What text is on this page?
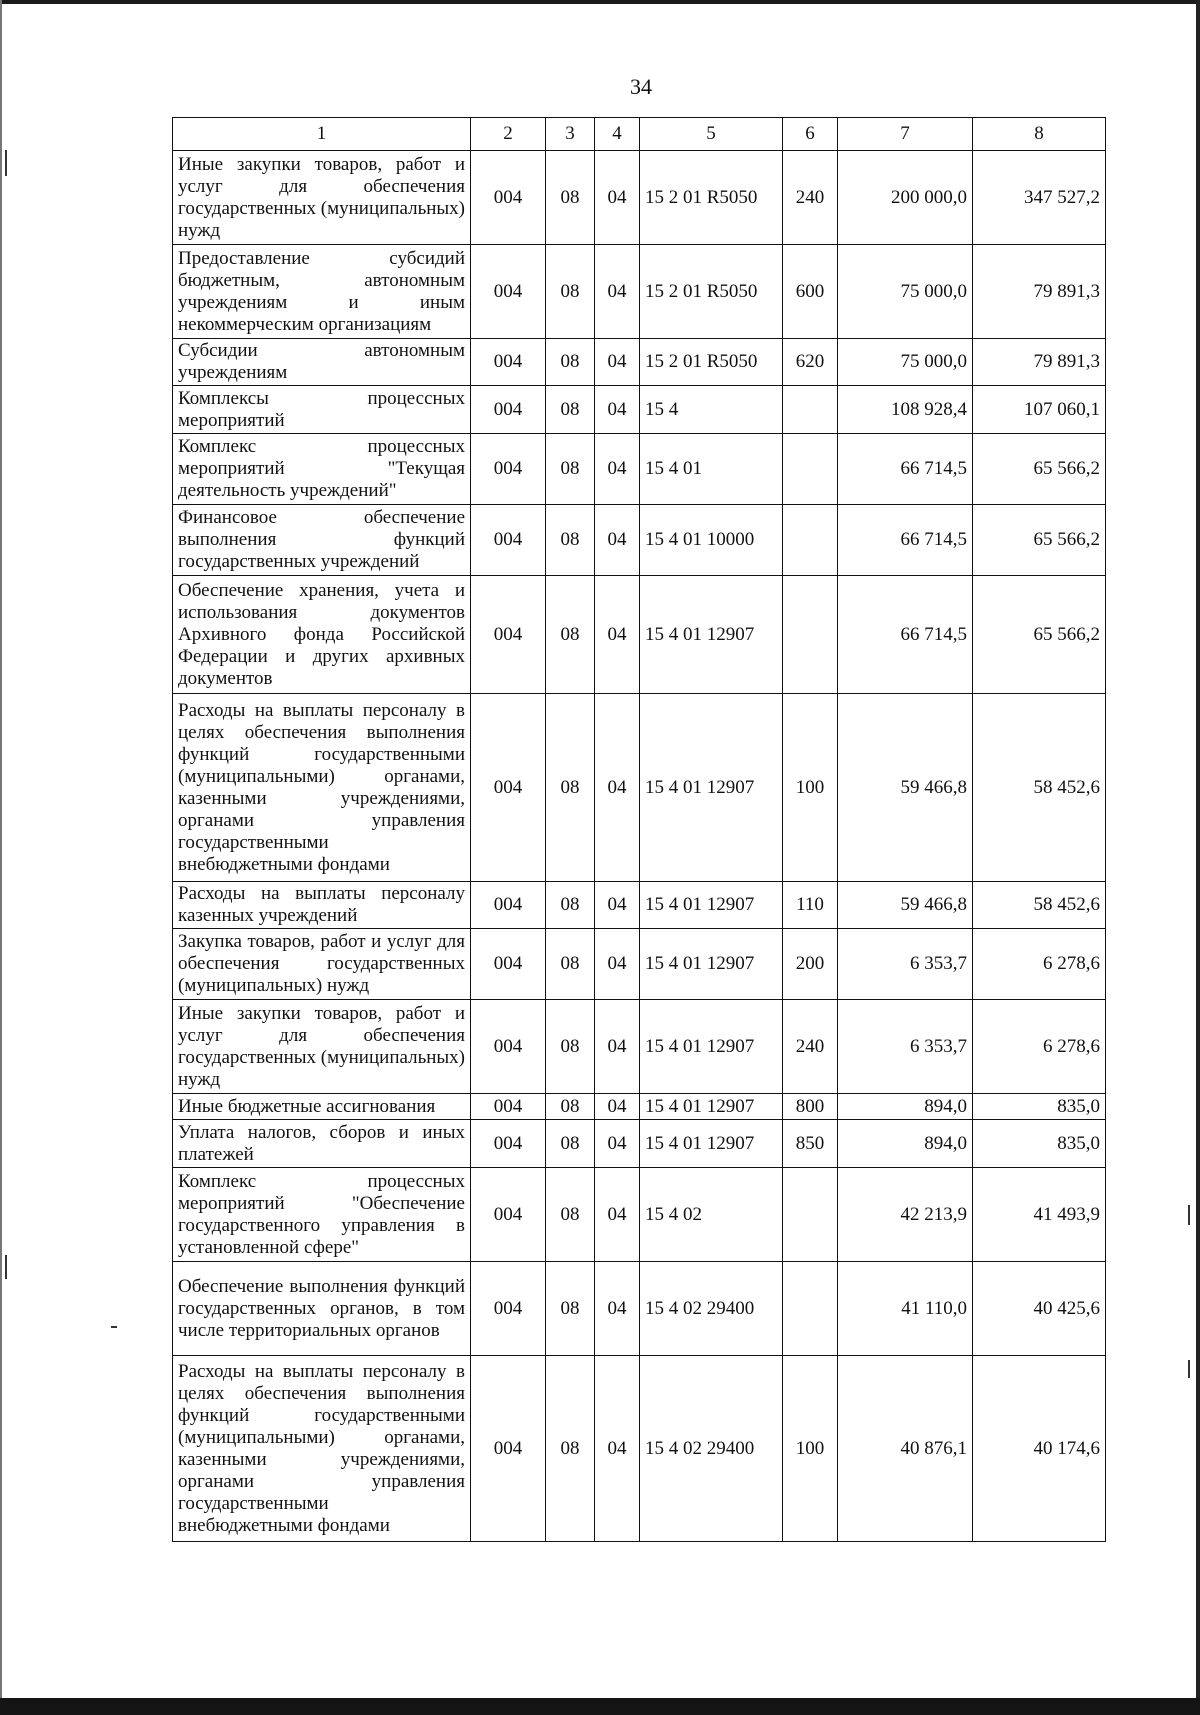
34
1	2	3	4	5	6	7	8
Иные закупки товаров, работ и услуг для обеспечения государственных (муниципальных) нужд	004	08	04	15 2 01 R5050	240	200 000,0	347 527,2
Предоставление субсидий бюджетным, автономным учреждениям и иным некоммерческим организациям	004	08	04	15 2 01 R5050	600	75 000,0	79 891,3
Субсидии автономным учреждениям	004	08	04	15 2 01 R5050	620	75 000,0	79 891,3
Комплексы процессных мероприятий	004	08	04	15 4		108 928,4	107 060,1
Комплекс процессных мероприятий "Текущая деятельность учреждений"	004	08	04	15 4 01		66 714,5	65 566,2
Финансовое обеспечение выполнения функций государственных учреждений	004	08	04	15 4 01 10000		66 714,5	65 566,2
Обеспечение хранения, учета и использования документов Архивного фонда Российской Федерации и других архивных документов	004	08	04	15 4 01 12907		66 714,5	65 566,2
Расходы на выплаты персоналу в целях обеспечения выполнения функций государственными (муниципальными) органами, казенными учреждениями, органами управления государственными внебюджетными фондами	004	08	04	15 4 01 12907	100	59 466,8	58 452,6
Расходы на выплаты персоналу казенных учреждений	004	08	04	15 4 01 12907	110	59 466,8	58 452,6
Закупка товаров, работ и услуг для обеспечения государственных (муниципальных) нужд	004	08	04	15 4 01 12907	200	6 353,7	6 278,6
Иные закупки товаров, работ и услуг для обеспечения государственных (муниципальных) нужд	004	08	04	15 4 01 12907	240	6 353,7	6 278,6
Иные бюджетные ассигнования	004	08	04	15 4 01 12907	800	894,0	835,0
Уплата налогов, сборов и иных платежей	004	08	04	15 4 01 12907	850	894,0	835,0
Комплекс процессных мероприятий "Обеспечение государственного управления в установленной сфере"	004	08	04	15 4 02		42 213,9	41 493,9
Обеспечение выполнения функций государственных органов, в том числе территориальных органов	004	08	04	15 4 02 29400		41 110,0	40 425,6
Расходы на выплаты персоналу в целях обеспечения выполнения функций государственными (муниципальными) органами, казенными учреждениями, органами управления государственными внебюджетными фондами	004	08	04	15 4 02 29400	100	40 876,1	40 174,6
